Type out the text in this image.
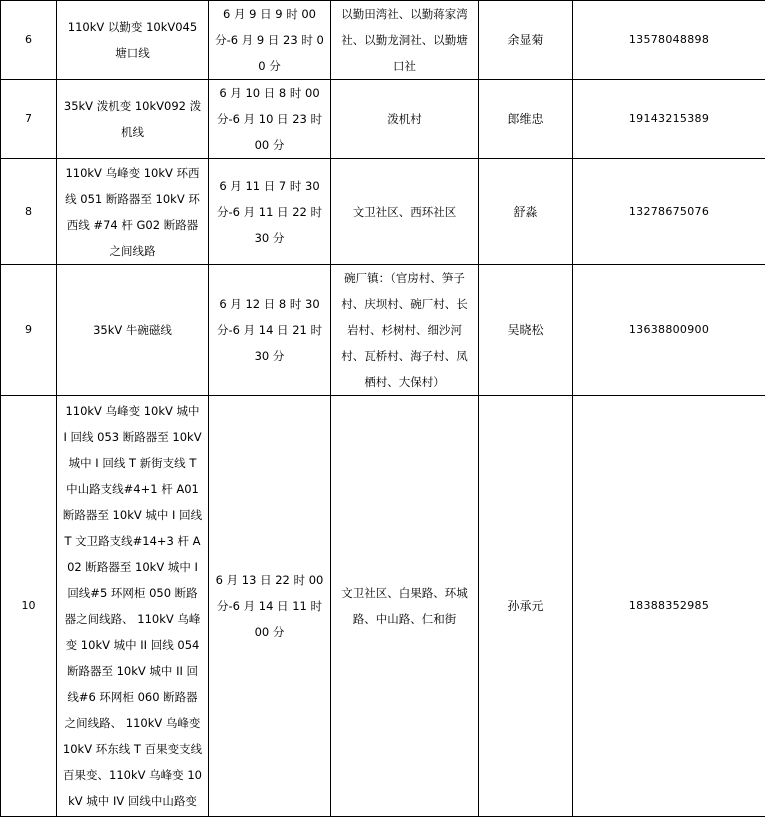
6	110kV 以勤变 10kV045 塘口线	6 月 9 日 9 时 00 分-6 月 9 日 23 时 00 分	以勤田湾社、以勤蒋家湾社、以勤龙洞社、以勤塘口社	余显菊	13578048898
7	35kV 泼机变 10kV092 泼机线	6 月 10 日 8 时 00 分-6 月 10 日 23 时 00 分	泼机村	郎维忠	19143215389
8	110kV 乌峰变 10kV 环西线 051 断路器至 10kV 环西线 #74 杆 G02 断路器之间线路	6 月 11 日 7 时 30 分-6 月 11 日 22 时 30 分	文卫社区、西环社区	舒淼	13278675076
9	35kV 牛碗磁线	6 月 12 日 8 时 30 分-6 月 14 日 21 时 30 分	碗厂镇：（官房村、笋子村、庆坝村、碗厂村、长岩村、杉树村、细沙河村、瓦桥村、海子村、凤栖村、大保村）	吴晓松	13638800900
10	110kV 乌峰变 10kV 城中 I 回线 053 断路器至 10kV 城中 I 回线 T 新街支线 T 中山路支线#4+1 杆 A01 断路器至 10kV 城中 I 回线 T 文卫路支线#14+3 杆 A02 断路器至 10kV 城中 I 回线#5 环网柜 050 断路器之间线路、 110kV 乌峰变 10kV 城中 II 回线 054 断路器至 10kV 城中 II 回线#6 环网柜 060 断路器之间线路、 110kV 乌峰变 10kV 环东线 T 百果变支线百果变、110kV 乌峰变 10kV 城中 IV 回线中山路变	6 月 13 日 22 时 00 分-6 月 14 日 11 时 00 分	文卫社区、白果路、环城路、中山路、仁和街	孙承元	18388352985
